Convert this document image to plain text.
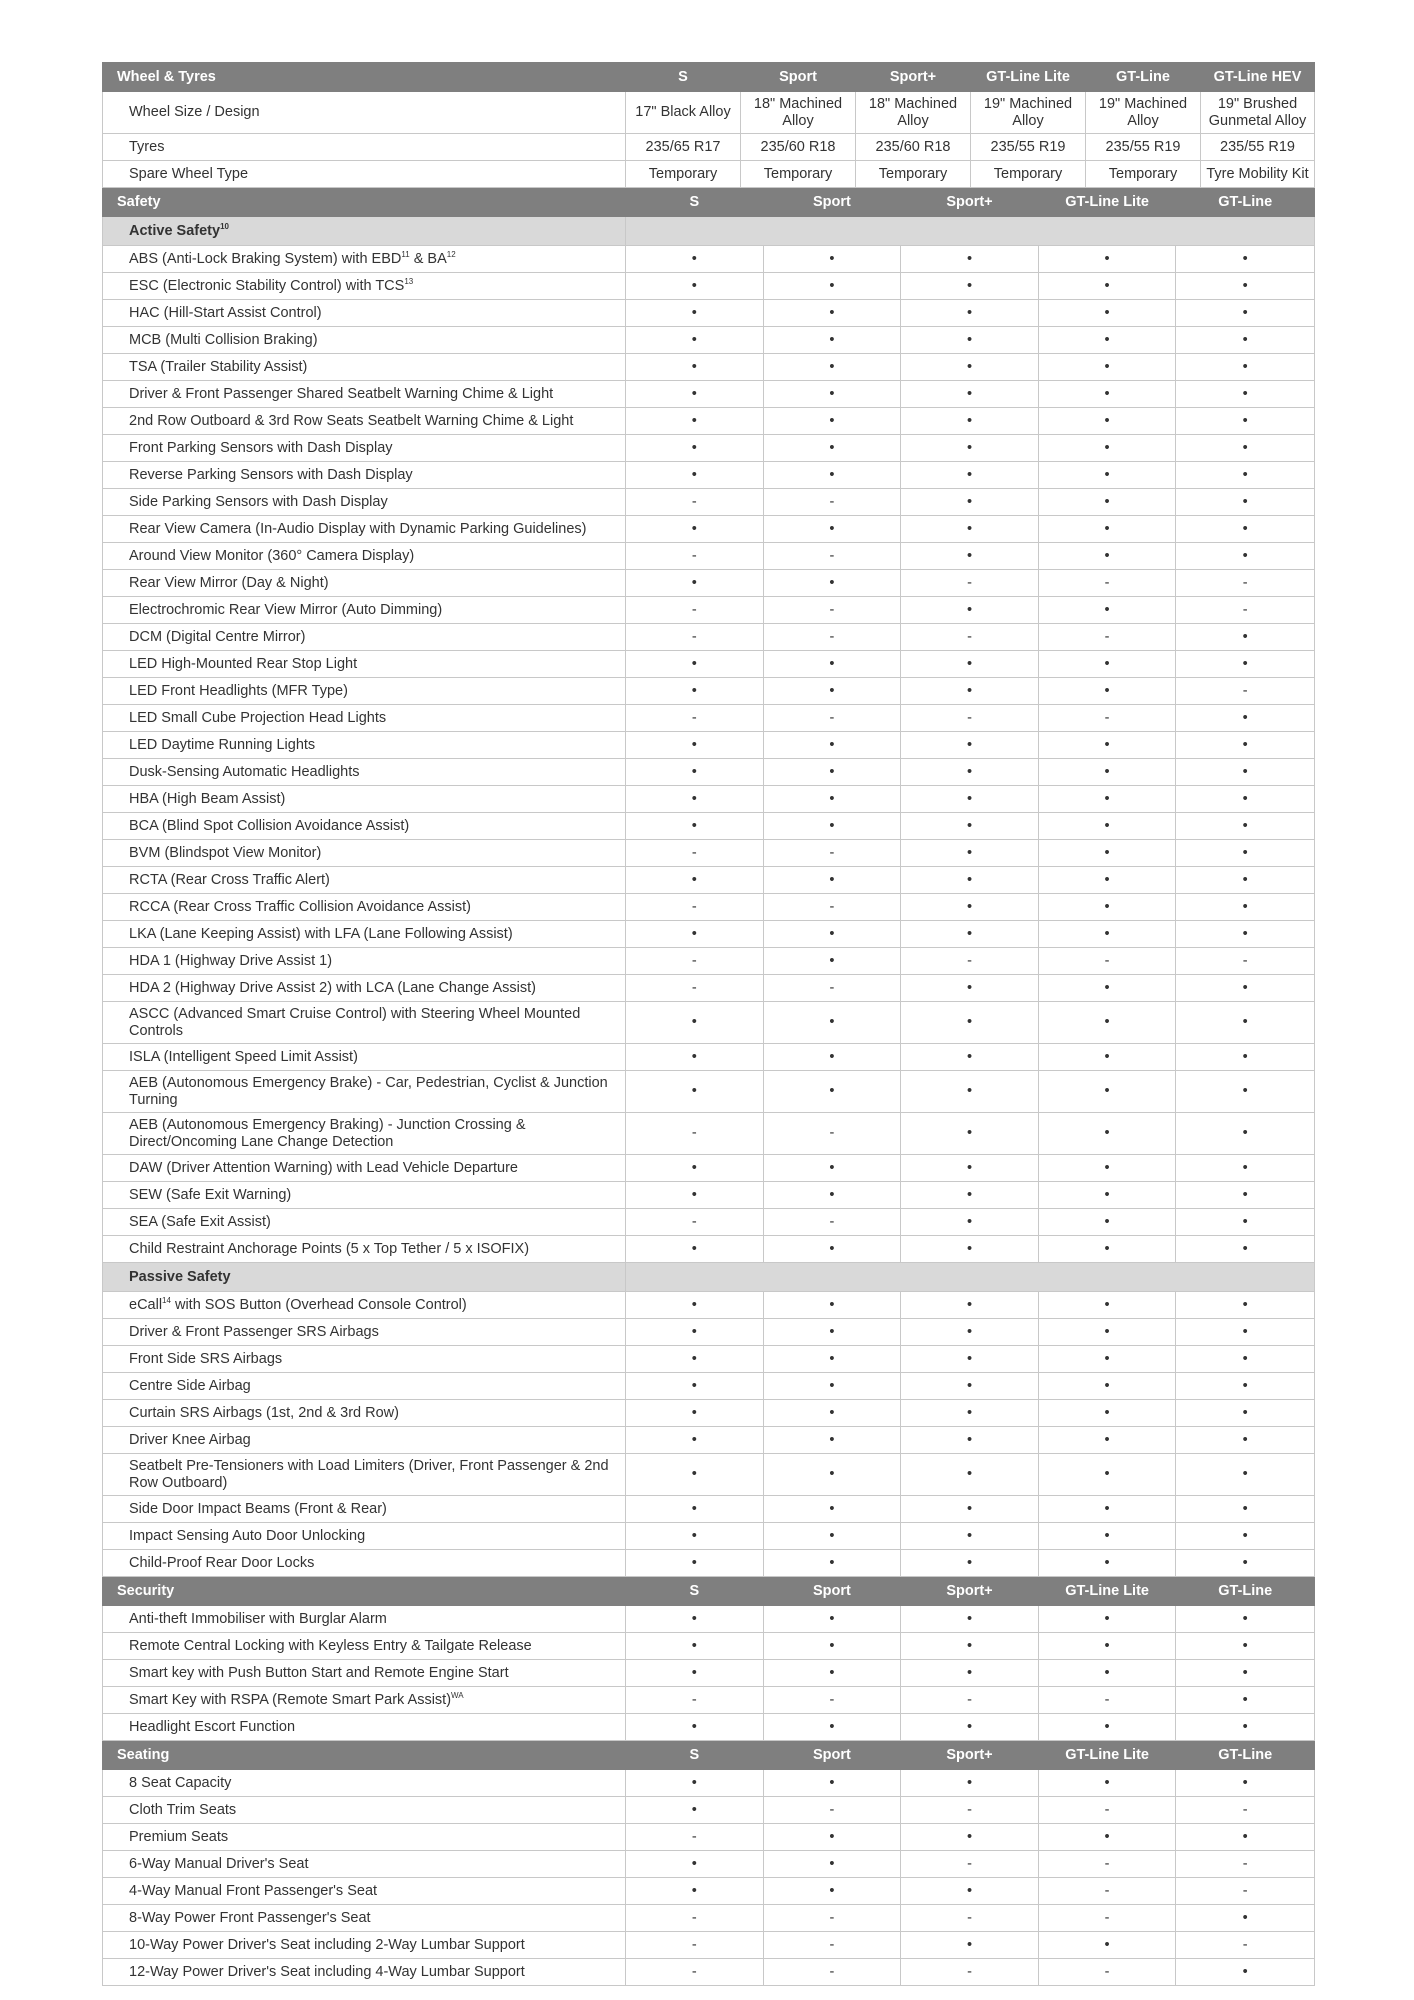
Wheel & Tyres	S	Sport	Sport+	GT-Line Lite	GT-Line	GT-Line HEV
Wheel Size / Design	17" Black Alloy	18" Machined Alloy	18" Machined Alloy	19" Machined Alloy	19" Machined Alloy	19" Brushed Gunmetal Alloy
Tyres	235/65 R17	235/60 R18	235/60 R18	235/55 R19	235/55 R19	235/55 R19
Spare Wheel Type	Temporary	Temporary	Temporary	Temporary	Temporary	Tyre Mobility Kit
Safety	S Sport Sport+ GT-Line Lite GT-Line					

Active Safety$^{10}$	
ABS (Anti-Lock Braking System) with EBD$^{11}$ & BA$^{12}$	• • • • •					

ESC (Electronic Stability Control) with TCS$^{13}$	• • • • •					

HAC (Hill-Start Assist Control)	• • • • •					

MCB (Multi Collision Braking)	• • • • •					

TSA (Trailer Stability Assist)	• • • • •					

Driver & Front Passenger Shared Seatbelt Warning Chime & Light	• • • • •					

2nd Row Outboard & 3rd Row Seats Seatbelt Warning Chime & Light	• • • • •					

Front Parking Sensors with Dash Display	• • • • •					

Reverse Parking Sensors with Dash Display	• • • • •					

Side Parking Sensors with Dash Display	- - • • •					

Rear View Camera (In-Audio Display with Dynamic Parking Guidelines)	• • • • •					

Around View Monitor (360° Camera Display)	- - • • •					

Rear View Mirror (Day & Night)	• • - - -					

Electrochromic Rear View Mirror (Auto Dimming)	- - • • -					

DCM (Digital Centre Mirror)	- - - - •					

LED High-Mounted Rear Stop Light	• • • • •					

LED Front Headlights (MFR Type)	• • • • -					

LED Small Cube Projection Head Lights	- - - - •					

LED Daytime Running Lights	• • • • •					

Dusk-Sensing Automatic Headlights	• • • • •					

HBA (High Beam Assist)	• • • • •					

BCA (Blind Spot Collision Avoidance Assist)	• • • • •					

BVM (Blindspot View Monitor)	- - • • •					

RCTA (Rear Cross Traffic Alert)	• • • • •					

RCCA (Rear Cross Traffic Collision Avoidance Assist)	- - • • •					

LKA (Lane Keeping Assist) with LFA (Lane Following Assist)	• • • • •					

HDA 1 (Highway Drive Assist 1)	- • - - -					

HDA 2 (Highway Drive Assist 2) with LCA (Lane Change Assist)	- - • • •					

ASCC (Advanced Smart Cruise Control) with Steering Wheel Mounted Controls	• • • • •					

ISLA (Intelligent Speed Limit Assist)	• • • • •					

AEB (Autonomous Emergency Brake) - Car, Pedestrian, Cyclist & Junction Turning	• • • • •					

AEB (Autonomous Emergency Braking) - Junction Crossing & Direct/Oncoming Lane Change Detection	- - • • •					

DAW (Driver Attention Warning) with Lead Vehicle Departure	• • • • •					

SEW (Safe Exit Warning)	• • • • •					

SEA (Safe Exit Assist)	- - • • •					

Child Restraint Anchorage Points (5 x Top Tether / 5 x ISOFIX)	• • • • •					

Passive Safety						
eCall$^{14}$ with SOS Button (Overhead Console Control)	• • • • •					

Driver & Front Passenger SRS Airbags	• • • • •					

Front Side SRS Airbags	• • • • •					

Centre Side Airbag	• • • • •					

Curtain SRS Airbags (1st, 2nd & 3rd Row)	• • • • •					

Driver Knee Airbag	• • • • •					

Seatbelt Pre-Tensioners with Load Limiters (Driver, Front Passenger & 2nd Row Outboard)	• • • • •					

Side Door Impact Beams (Front & Rear)	• • • • •					

Impact Sensing Auto Door Unlocking	• • • • •					

Child-Proof Rear Door Locks	• • • • •					

Security	S Sport Sport+ GT-Line Lite GT-Line					

Anti-theft Immobiliser with Burglar Alarm	• • • • •					

Remote Central Locking with Keyless Entry & Tailgate Release	• • • • •					

Smart key with Push Button Start and Remote Engine Start	• • • • •					

Smart Key with RSPA (Remote Smart Park Assist)$^{WA}$	- - - - •					

Headlight Escort Function	• • • • •					

Seating	S Sport Sport+ GT-Line Lite GT-Line					

8 Seat Capacity	• • • • •					

Cloth Trim Seats	• - - - -					

Premium Seats	- • • • •					

6-Way Manual Driver's Seat	• • - - -					

4-Way Manual Front Passenger's Seat	• • • - -					

8-Way Power Front Passenger's Seat	- - - - •					

10-Way Power Driver's Seat including 2-Way Lumbar Support	- - • • -					

12-Way Power Driver's Seat including 4-Way Lumbar Support	- - - - •					
